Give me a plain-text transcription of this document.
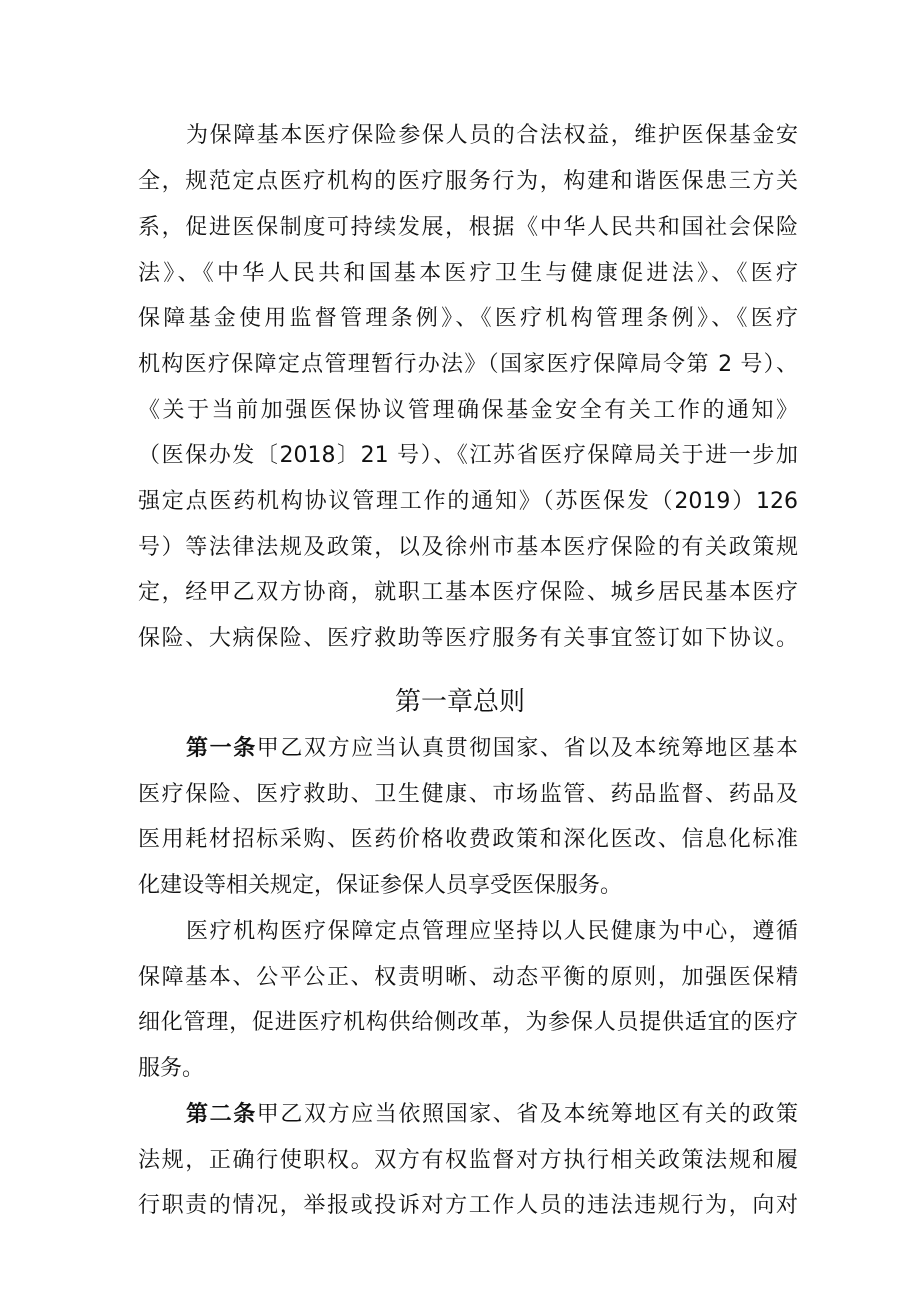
为保障基本医疗保险参保人员的合法权益，维护医保基金安
全，规范定点医疗机构的医疗服务行为，构建和谐医保患三方关
系，促进医保制度可持续发展，根据《中华人民共和国社会保险
法》、《中华人民共和国基本医疗卫生与健康促进法》、《医疗
保障基金使用监督管理条例》、《医疗机构管理条例》、《医疗
机构医疗保障定点管理暂行办法》（国家医疗保障局令第 2 号）、
《关于当前加强医保协议管理确保基金安全有关工作的通知》
（医保办发〔2018〕21 号）、《江苏省医疗保障局关于进一步加
强定点医药机构协议管理工作的通知》（苏医保发（2019）126
号）等法律法规及政策，以及徐州市基本医疗保险的有关政策规
定，经甲乙双方协商，就职工基本医疗保险、城乡居民基本医疗
保险、大病保险、医疗救助等医疗服务有关事宜签订如下协议。
第一章总则
第一条甲乙双方应当认真贯彻国家、省以及本统筹地区基本
医疗保险、医疗救助、卫生健康、市场监管、药品监督、药品及
医用耗材招标采购、医药价格收费政策和深化医改、信息化标准
化建设等相关规定，保证参保人员享受医保服务。
医疗机构医疗保障定点管理应坚持以人民健康为中心，遵循
保障基本、公平公正、权责明晰、动态平衡的原则，加强医保精
细化管理，促进医疗机构供给侧改革，为参保人员提供适宜的医疗
服务。
第二条甲乙双方应当依照国家、省及本统筹地区有关的政策
法规，正确行使职权。双方有权监督对方执行相关政策法规和履
行职责的情况，举报或投诉对方工作人员的违法违规行为，向对
